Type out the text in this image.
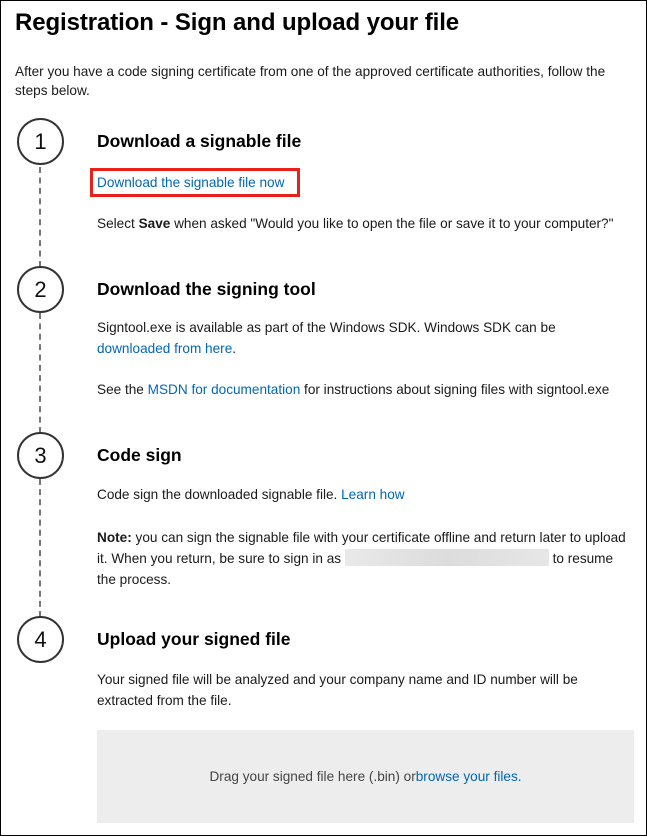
Registration - Sign and upload your file
After you have a code signing certificate from one of the approved certificate authorities, follow the steps below.
1	Download a signable file
Download the signable file now
Select Save when asked "Would you like to open the file or save it to your computer?"
2	Download the signing tool
Signtool.exe is available as part of the Windows SDK. Windows SDK can be
downloaded from here.
See the MSDN for documentation for instructions about signing files with signtool.exe
3	Code sign
Code sign the downloaded signable file. Learn how
Note: you can sign the signable file with your certificate offline and return later to upload it. When you return, be sure to sign in as	to resume the process.
4	Upload your signed file
Your signed file will be analyzed and your company name and ID number will be extracted from the file.
Drag your signed file here (.bin) or browse your files.
